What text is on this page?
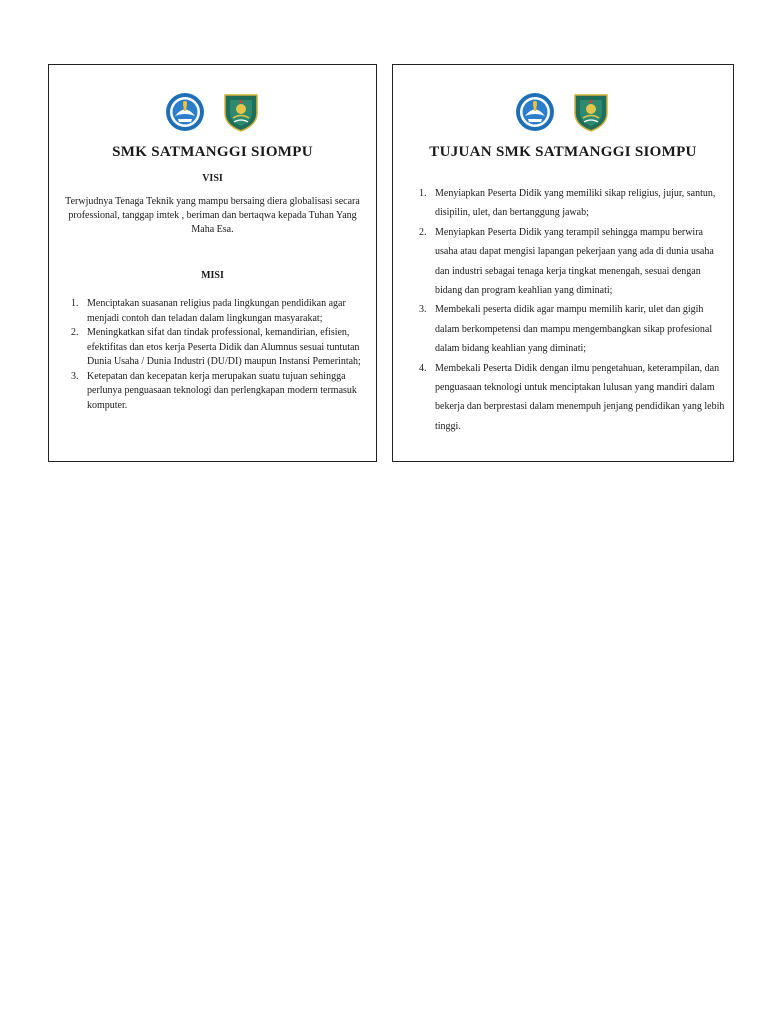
SMK SATMANGGI SIOMPU
VISI
Terwjudnya Tenaga Teknik yang mampu bersaing diera globalisasi secara professional, tanggap imtek , beriman dan bertaqwa kepada Tuhan Yang Maha Esa.
MISI
1. Menciptakan suasanan religius pada lingkungan pendidikan agar menjadi contoh dan teladan dalam lingkungan masyarakat;
2. Meningkatkan sifat dan tindak professional, kemandirian, efisien, efektifitas dan etos kerja Peserta Didik dan Alumnus sesuai tuntutan Dunia Usaha / Dunia Industri (DU/DI) maupun Instansi Pemerintah;
3. Ketepatan dan kecepatan kerja merupakan suatu tujuan sehingga perlunya penguasaan teknologi dan perlengkapan modern termasuk komputer.
TUJUAN SMK SATMANGGI SIOMPU
1. Menyiapkan Peserta Didik yang memiliki sikap religius, jujur, santun, disipilin, ulet, dan bertanggung jawab;
2. Menyiapkan Peserta Didik yang terampil sehingga mampu berwira usaha atau dapat mengisi lapangan pekerjaan yang ada di dunia usaha dan industri sebagai tenaga kerja tingkat menengah, sesuai dengan bidang dan program keahlian yang diminati;
3. Membekali peserta didik agar mampu memilih karir, ulet dan gigih dalam berkompetensi dan mampu mengembangkan sikap profesional dalam bidang keahlian yang diminati;
4. Membekali Peserta Didik dengan ilmu pengetahuan, keterampilan, dan penguasaan teknologi untuk menciptakan lulusan yang mandiri dalam bekerja dan berprestasi dalam menempuh jenjang pendidikan yang lebih tinggi.
